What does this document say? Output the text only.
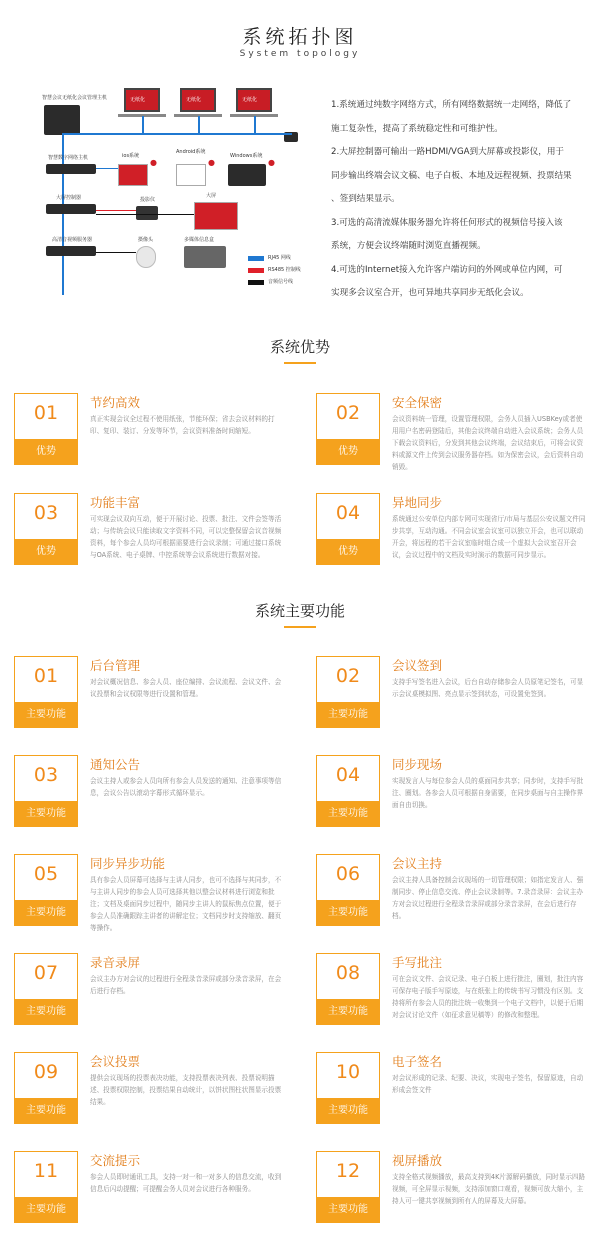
系统拓扑图
System topology
智慧会议无纸化会议管理主机	无纸化	无纸化	无纸化
智慧数字网络主机	ios系统
●
Android系统
●
Windows系统
●
大屏控制器	投影仪
大屏
高清音视频服务器	摄像头	多媒体信息盒
RJ45 网线
RS485 控制线
音频信号线

1.系统通过纯数字网络方式，所有网络数据统一走网络，降低了

施工复杂性，提高了系统稳定性和可维护性。

2.大屏控制器可输出一路HDMI/VGA到大屏幕或投影仪，用于

同步输出终端会议文稿、电子白板、本地及远程视频、投票结果

、签到结果显示。

3.可选的高清流媒体服务器允许将任何形式的视频信号接入该

系统，方便会议终端随时浏览直播视频。

4.可选的Internet接入允许客户端访问的外网或单位内网，可

实现多会议室合开，也可异地共享同步无纸化会议。

系统优势
01
优势
节约高效
真正实现会议全过程不使用纸张，节能环保；省去会议材料的打印、复印、装订、分发等环节，会议资料准备时间缩短。
02
优势
安全保密
会议资料统一管理，设置管理权限，会务人员插入USBKey或者使用用户名密码登陆后，其他会议终端自动进入会议系统；会务人员下载会议资料后，分发到其他会议终端，会议结束后，可将会议资料或源文件上传到会议服务器存档。如为保密会议，会后资料自动销毁。
03
优势
功能丰富
可实现会议双向互动，便于开展讨论、投票、批注、文件会签等活动；与传统会议只能读取文字资料不同，可以完整保留会议音视频资料，每个参会人员均可根据需要进行会议录制；可通过接口系统与OA系统、电子桌牌、中控系统等会议系统进行数据对接。
04
优势
异地同步
系统通过公安单位内部专网可实现省厅/市局与基层公安议题文件同步共享，互动沟通。不同会议室会议室可以独立开会，也可以联动开会，将远程的若干会议室临时组合成一个虚拟大会议室召开会议，会议过程中的文档及实时演示的数据可同步显示。
系统主要功能
01
主要功能
后台管理
对会议概况信息、参会人员、座位编排、会议流程、会议文件、会议投票和会议权限等进行设置和管理。
02
主要功能
会议签到
支持手写签名进入会议，后台自动存储参会人员原笔记签名，可显示会议桌模拟图、亮点显示签到状态，可设置免签到。
03
主要功能
通知公告
会议主持人或参会人员向所有参会人员发送的通知、注意事项等信息，会议公告以滚动字幕形式循环显示。
04
主要功能
同步现场
实现发言人与每位参会人员的桌面同步共享；同步时，支持手写批注、圈划。各参会人员可根据自身需要，在同步桌面与自主操作界面自由切换。
05
主要功能
同步异步功能
具有参会人员屏幕可选择与主讲人同步，也可不选择与其同步，不与主讲人同步的参会人员可选择其他以整会议材料进行浏览和批注；文档及桌面同步过程中，随同步主讲人的鼠标焦点位置，便于参会人员准确跟踪主讲者的讲解定位；文档同步时支持缩放、翻页等操作。
06
主要功能
会议主持
会议主持人具备控制会议现场的一切管理权限；如指定发言人、强制同步、停止信息交流、停止会议录制等。7.录音录屏：会议主办方对会议过程进行全程录音录屏或部分录音录屏，在会后进行存档。
07
主要功能
录音录屏
会议主办方对会议的过程进行全程录音录屏或部分录音录屏，在会后进行存档。
08
主要功能
手写批注
可在会议文件、会议记录、电子白板上进行批注，圈划，批注内容可保存电子版手写原迹，与在纸张上的传统书写习惯没有区别。支持将所有参会人员的批注统一收集到一个电子文档中，以便于后期对会议讨论文件（如征求意见稿等）的修改和整理。
09
主要功能
会议投票
提供会议现场的投票表决功能，支持投票表决列表、投票说明描述、投票权限控制，投票结果自动统计，以饼状图柱状图显示投票结果。
10
主要功能
电子签名
对会议形成的记录、纪要、决议，实现电子签名，保留原迹，自动形成会签文件
11
主要功能
交流提示
参会人员即时通讯工具，支持一对一和一对多人的信息交流，收到信息后闪动提醒；可提醒会务人员对会议进行各种服务。
12
主要功能
视屏播放
支持全格式视频播放，最高支持到4K片源解码播放，同时显示四路视频，可全屏显示视频，支持添加窗口观看，视频可放大缩小，主持人可一键共享视频到所有人的屏幕及大屏幕。
